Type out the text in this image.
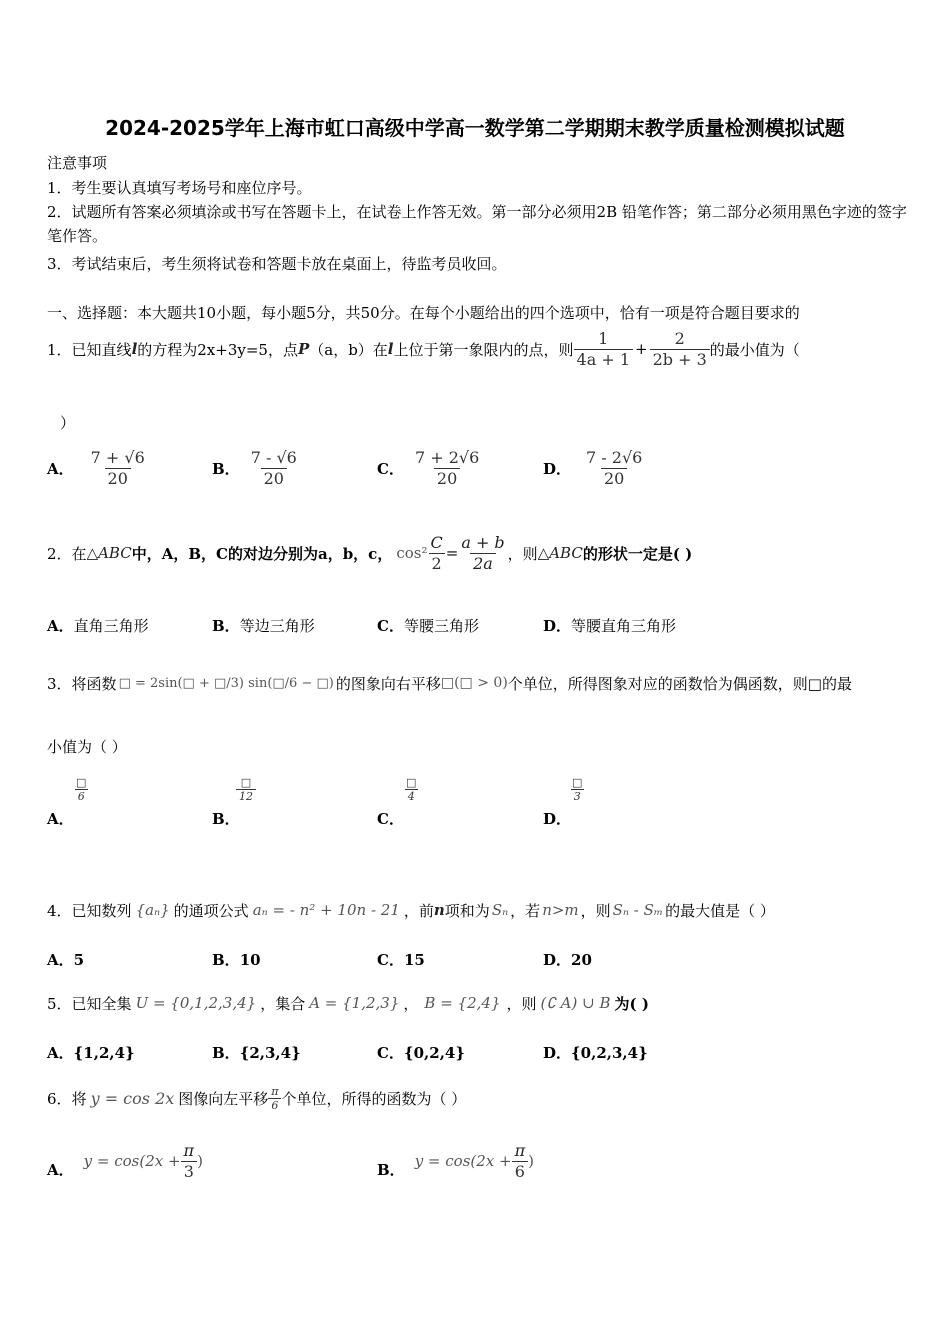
2024-2025学年上海市虹口高级中学高一数学第二学期期末教学质量检测模拟试题
注意事项
1．考生要认真填写考场号和座位序号。
2．试题所有答案必须填涂或书写在答题卡上，在试卷上作答无效。第一部分必须用2B 铅笔作答；第二部分必须用黑色字迹的签字笔作答。
3．考试结束后，考生须将试卷和答题卡放在桌面上，待监考员收回。
一、选择题：本大题共10小题，每小题5分，共50分。在每个小题给出的四个选项中，恰有一项是符合题目要求的
1． 已知直线 l 的方程为2x+3y=5，点 P （a，b）在 l 上位于第一象限内的点，则 $\frac{1}{4a + 1} + \frac{2}{2b + 3}$ 的最小值为（
）
A． $\frac{7 + √6}{20}$	B． $\frac{7 - √6}{20}$	C． $\frac{7 + 2√6}{20}$	D． $\frac{7 - 2√6}{20}$
2． 在 △ABC 中，A，B，C的对边分别为a，b，c， $\cos^2 \frac{C}{2} = \frac{a + b}{2a}$ ，则 △ABC 的形状一定是( )
A．直角三角形	B．等边三角形	C．等腰三角形	D．等腰直角三角形
3． 将函数 □ = 2sin(□ + □/3) sin(□/6 − □) 的图象向右平移 □(□ > 0) 个单位，所得图象对应的函数恰为偶函数，则□的最
小值为（ ）
□
6
A．
□
12
B．
□
4
C．
□
3
D．
4． 已知数列 {aₙ} 的通项公式 aₙ = - n² + 10n - 21 ，前 n 项和为 Sₙ ，若 n>m ，则 Sₙ - Sₘ 的最大值是（ ）
A．5	B．10	C．15	D．20
5． 已知全集 U = {0,1,2,3,4} ，集合 A = {1,2,3} ， B = {2,4} ，则 (∁ A) ∪ B 为( )
A．{1,2,4}	B．{2,3,4}	C．{0,2,4}	D．{0,2,3,4}
6． 将 y = cos 2x 图像向左平移 $\frac{\pi}{6}$ 个单位，所得的函数为（ ）
A． $y = \cos(2x + \frac{\pi}{3}$ )	B． $y = \cos(2x + \frac{\pi}{6}$ )
